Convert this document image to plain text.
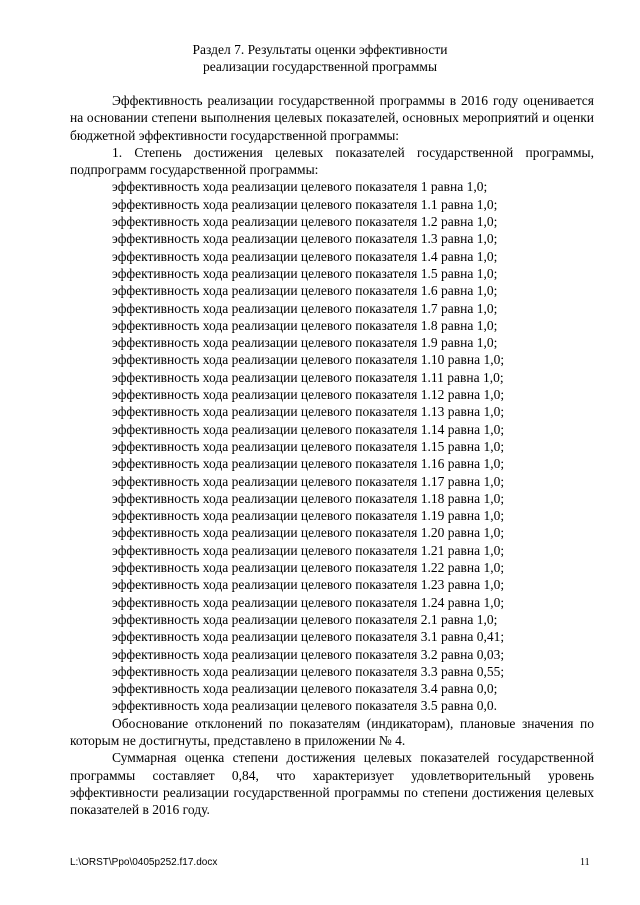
Раздел 7. Результаты оценки эффективности
реализации государственной программы

Эффективность реализации государственной программы в 2016 году оценивается на основании степени выполнения целевых показателей, основных мероприятий и оценки бюджетной эффективности государственной программы:

1. Степень достижения целевых показателей государственной программы, подпрограмм государственной программы:

эффективность хода реализации целевого показателя 1 равна 1,0;

эффективность хода реализации целевого показателя 1.1 равна 1,0;

эффективность хода реализации целевого показателя 1.2 равна 1,0;

эффективность хода реализации целевого показателя 1.3 равна 1,0;

эффективность хода реализации целевого показателя 1.4 равна 1,0;

эффективность хода реализации целевого показателя 1.5 равна 1,0;

эффективность хода реализации целевого показателя 1.6 равна 1,0;

эффективность хода реализации целевого показателя 1.7 равна 1,0;

эффективность хода реализации целевого показателя 1.8 равна 1,0;

эффективность хода реализации целевого показателя 1.9 равна 1,0;

эффективность хода реализации целевого показателя 1.10 равна 1,0;

эффективность хода реализации целевого показателя 1.11 равна 1,0;

эффективность хода реализации целевого показателя 1.12 равна 1,0;

эффективность хода реализации целевого показателя 1.13 равна 1,0;

эффективность хода реализации целевого показателя 1.14 равна 1,0;

эффективность хода реализации целевого показателя 1.15 равна 1,0;

эффективность хода реализации целевого показателя 1.16 равна 1,0;

эффективность хода реализации целевого показателя 1.17 равна 1,0;

эффективность хода реализации целевого показателя 1.18 равна 1,0;

эффективность хода реализации целевого показателя 1.19 равна 1,0;

эффективность хода реализации целевого показателя 1.20 равна 1,0;

эффективность хода реализации целевого показателя 1.21 равна 1,0;

эффективность хода реализации целевого показателя 1.22 равна 1,0;

эффективность хода реализации целевого показателя 1.23 равна 1,0;

эффективность хода реализации целевого показателя 1.24 равна 1,0;

эффективность хода реализации целевого показателя 2.1 равна 1,0;

эффективность хода реализации целевого показателя 3.1 равна 0,41;

эффективность хода реализации целевого показателя 3.2 равна 0,03;

эффективность хода реализации целевого показателя 3.3 равна 0,55;

эффективность хода реализации целевого показателя 3.4 равна 0,0;

эффективность хода реализации целевого показателя 3.5 равна 0,0.

Обоснование отклонений по показателям (индикаторам), плановые значения по которым не достигнуты, представлено в приложении № 4.

Суммарная оценка степени достижения целевых показателей государственной программы составляет 0,84, что характеризует удовлетворительный уровень эффективности реализации государственной программы по степени достижения целевых показателей в 2016 году.

L:\ORST\Ppo\0405p252.f17.docx	11
